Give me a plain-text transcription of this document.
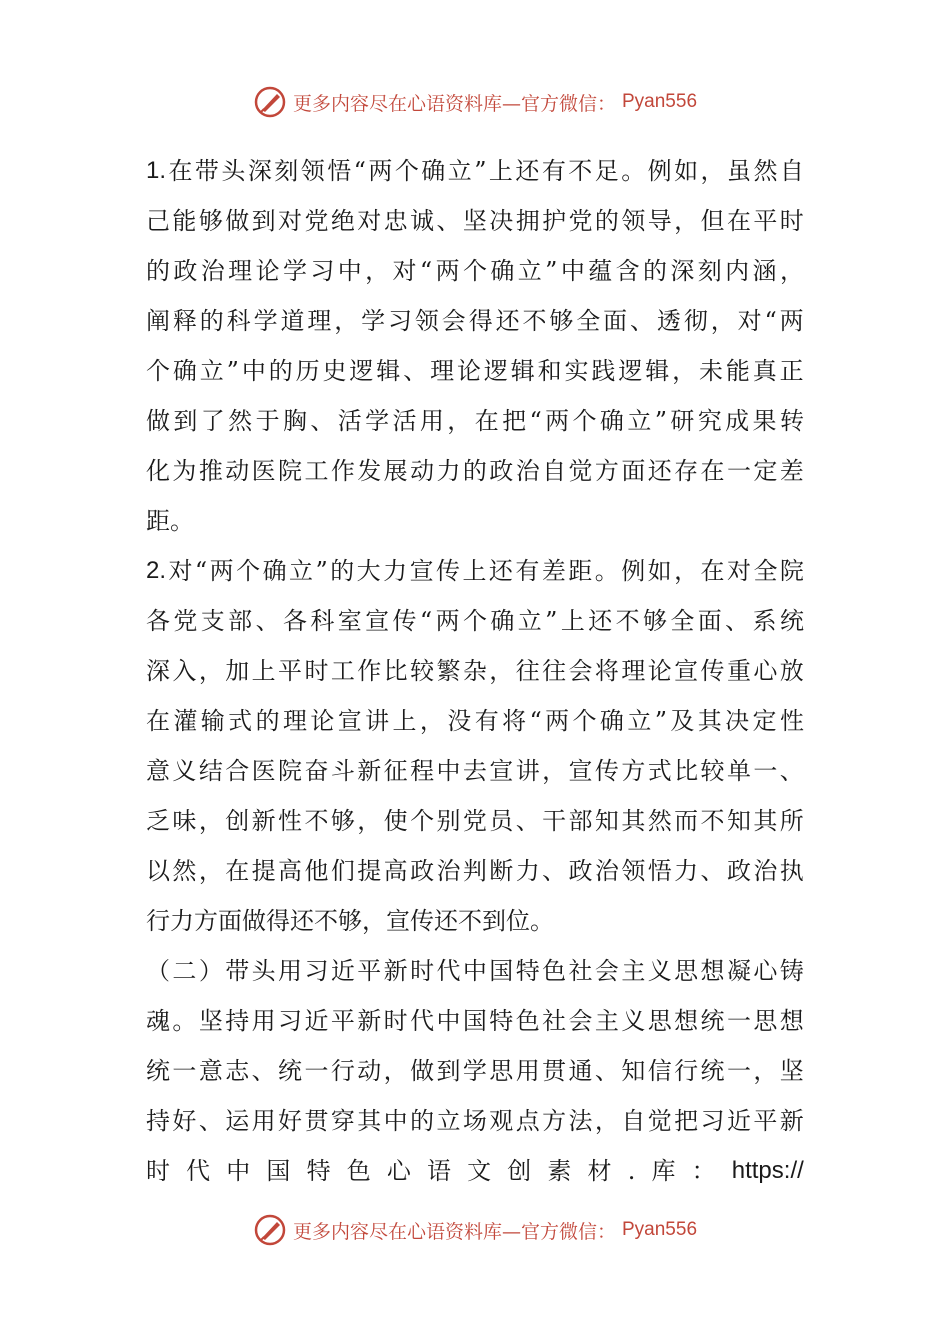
更多内容尽在心语资料库—官方微信： Pyan556
1. 在 带 头 深 刻 领 悟 “ 两 个 确 立 ” 上 还 有 不 足 。 例 如 ， 虽 然 自
己 能 够 做 到 对 党 绝 对 忠 诚 、 坚 决 拥 护 党 的 领 导 ， 但 在 平 时
的 政 治 理 论 学 习 中 ， 对 “ 两 个 确 立 ” 中 蕴 含 的 深 刻 内 涵 ，
阐 释 的 科 学 道 理 ， 学 习 领 会 得 还 不 够 全 面 、 透 彻 ， 对 “ 两
个 确 立 ” 中 的 历 史 逻 辑 、 理 论 逻 辑 和 实 践 逻 辑 ， 未 能 真 正
做 到 了 然 于 胸 、 活 学 活 用 ， 在 把 “ 两 个 确 立 ” 研 究 成 果 转
化 为 推 动 医 院 工 作 发 展 动 力 的 政 治 自 觉 方 面 还 存 在 一 定 差
距 。
2. 对 “ 两 个 确 立 ” 的 大 力 宣 传 上 还 有 差 距 。 例 如 ， 在 对 全 院
各 党 支 部 、 各 科 室 宣 传 “ 两 个 确 立 ” 上 还 不 够 全 面 、 系 统
深 入 ， 加 上 平 时 工 作 比 较 繁 杂 ， 往 往 会 将 理 论 宣 传 重 心 放
在 灌 输 式 的 理 论 宣 讲 上 ， 没 有 将 “ 两 个 确 立 ” 及 其 决 定 性
意 义 结 合 医 院 奋 斗 新 征 程 中 去 宣 讲 ， 宣 传 方 式 比 较 单 一 、
乏 味 ， 创 新 性 不 够 ， 使 个 别 党 员 、 干 部 知 其 然 而 不 知 其 所
以 然 ， 在 提 高 他 们 提 高 政 治 判 断 力 、 政 治 领 悟 力 、 政 治 执
行 力 方 面 做 得 还 不 够 ， 宣 传 还 不 到 位 。
（ 二 ） 带 头 用 习 近 平 新 时 代 中 国 特 色 社 会 主 义 思 想 凝 心 铸
魂 。 坚 持 用 习 近 平 新 时 代 中 国 特 色 社 会 主 义 思 想 统 一 思 想
统 一 意 志 、 统 一 行 动 ， 做 到 学 思 用 贯 通 、 知 信 行 统 一 ， 坚
持 好 、 运 用 好 贯 穿 其 中 的 立 场 观 点 方 法 ， 自 觉 把 习 近 平 新
时 代 中 国 特 色 心 语 文 创 素 材 . 库 ： https://
更多内容尽在心语资料库—官方微信： Pyan556
